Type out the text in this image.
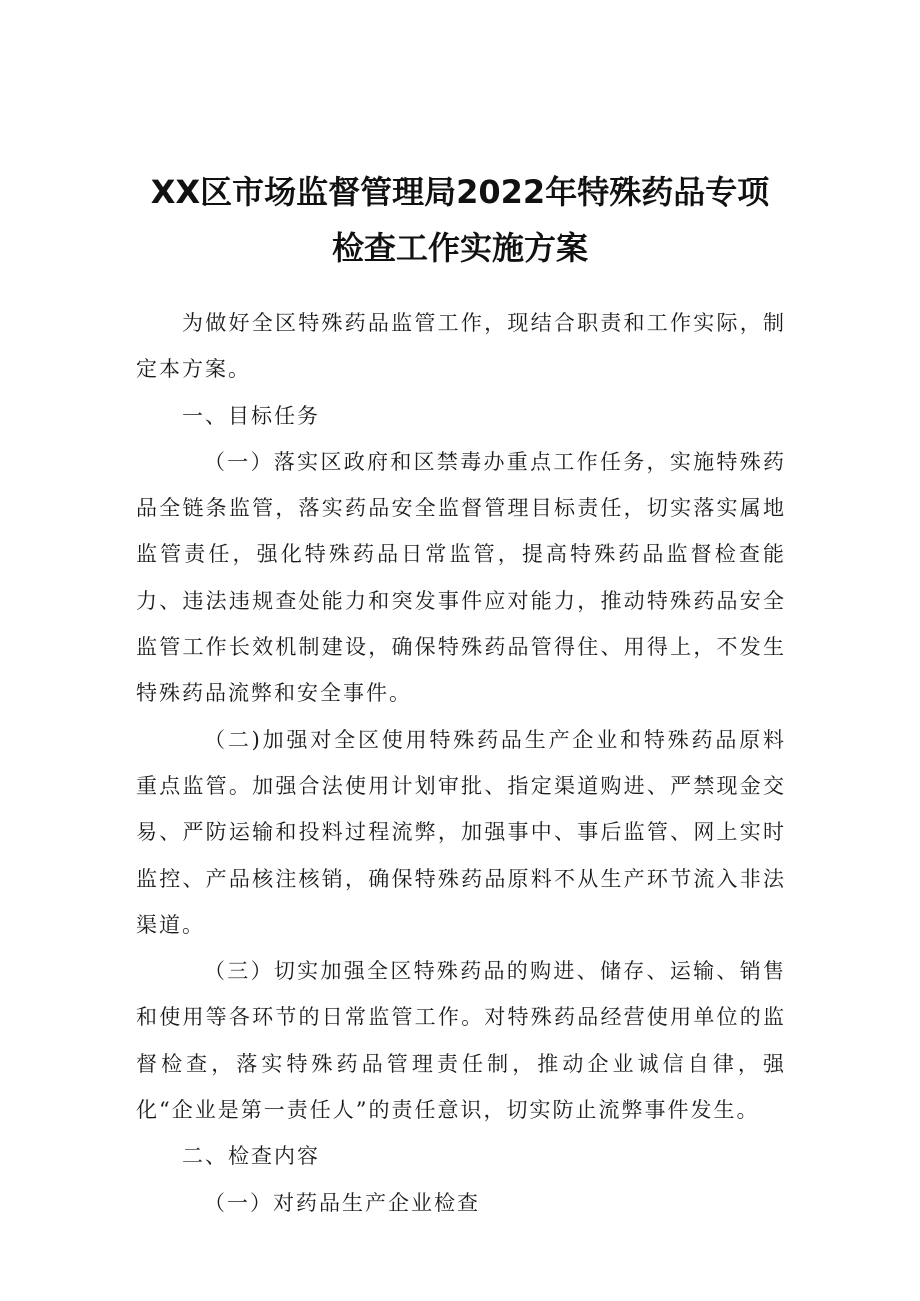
XX区市场监督管理局2022年特殊药品专项
检查工作实施方案

为做好全区特殊药品监管工作，现结合职责和工作实际，制定本方案。

一、目标任务

（一）落实区政府和区禁毒办重点工作任务，实施特殊药品全链条监管，落实药品安全监督管理目标责任，切实落实属地监管责任，强化特殊药品日常监管，提高特殊药品监督检查能力、违法违规查处能力和突发事件应对能力，推动特殊药品安全监管工作长效机制建设，确保特殊药品管得住、用得上，不发生特殊药品流弊和安全事件。

（二)加强对全区使用特殊药品生产企业和特殊药品原料重点监管。加强合法使用计划审批、指定渠道购进、严禁现金交易、严防运输和投料过程流弊，加强事中、事后监管、网上实时监控、产品核注核销，确保特殊药品原料不从生产环节流入非法渠道。

（三）切实加强全区特殊药品的购进、储存、运输、销售和使用等各环节的日常监管工作。对特殊药品经营使用单位的监督检查，落实特殊药品管理责任制，推动企业诚信自律，强化“企业是第一责任人”的责任意识，切实防止流弊事件发生。

二、检查内容

（一）对药品生产企业检查
